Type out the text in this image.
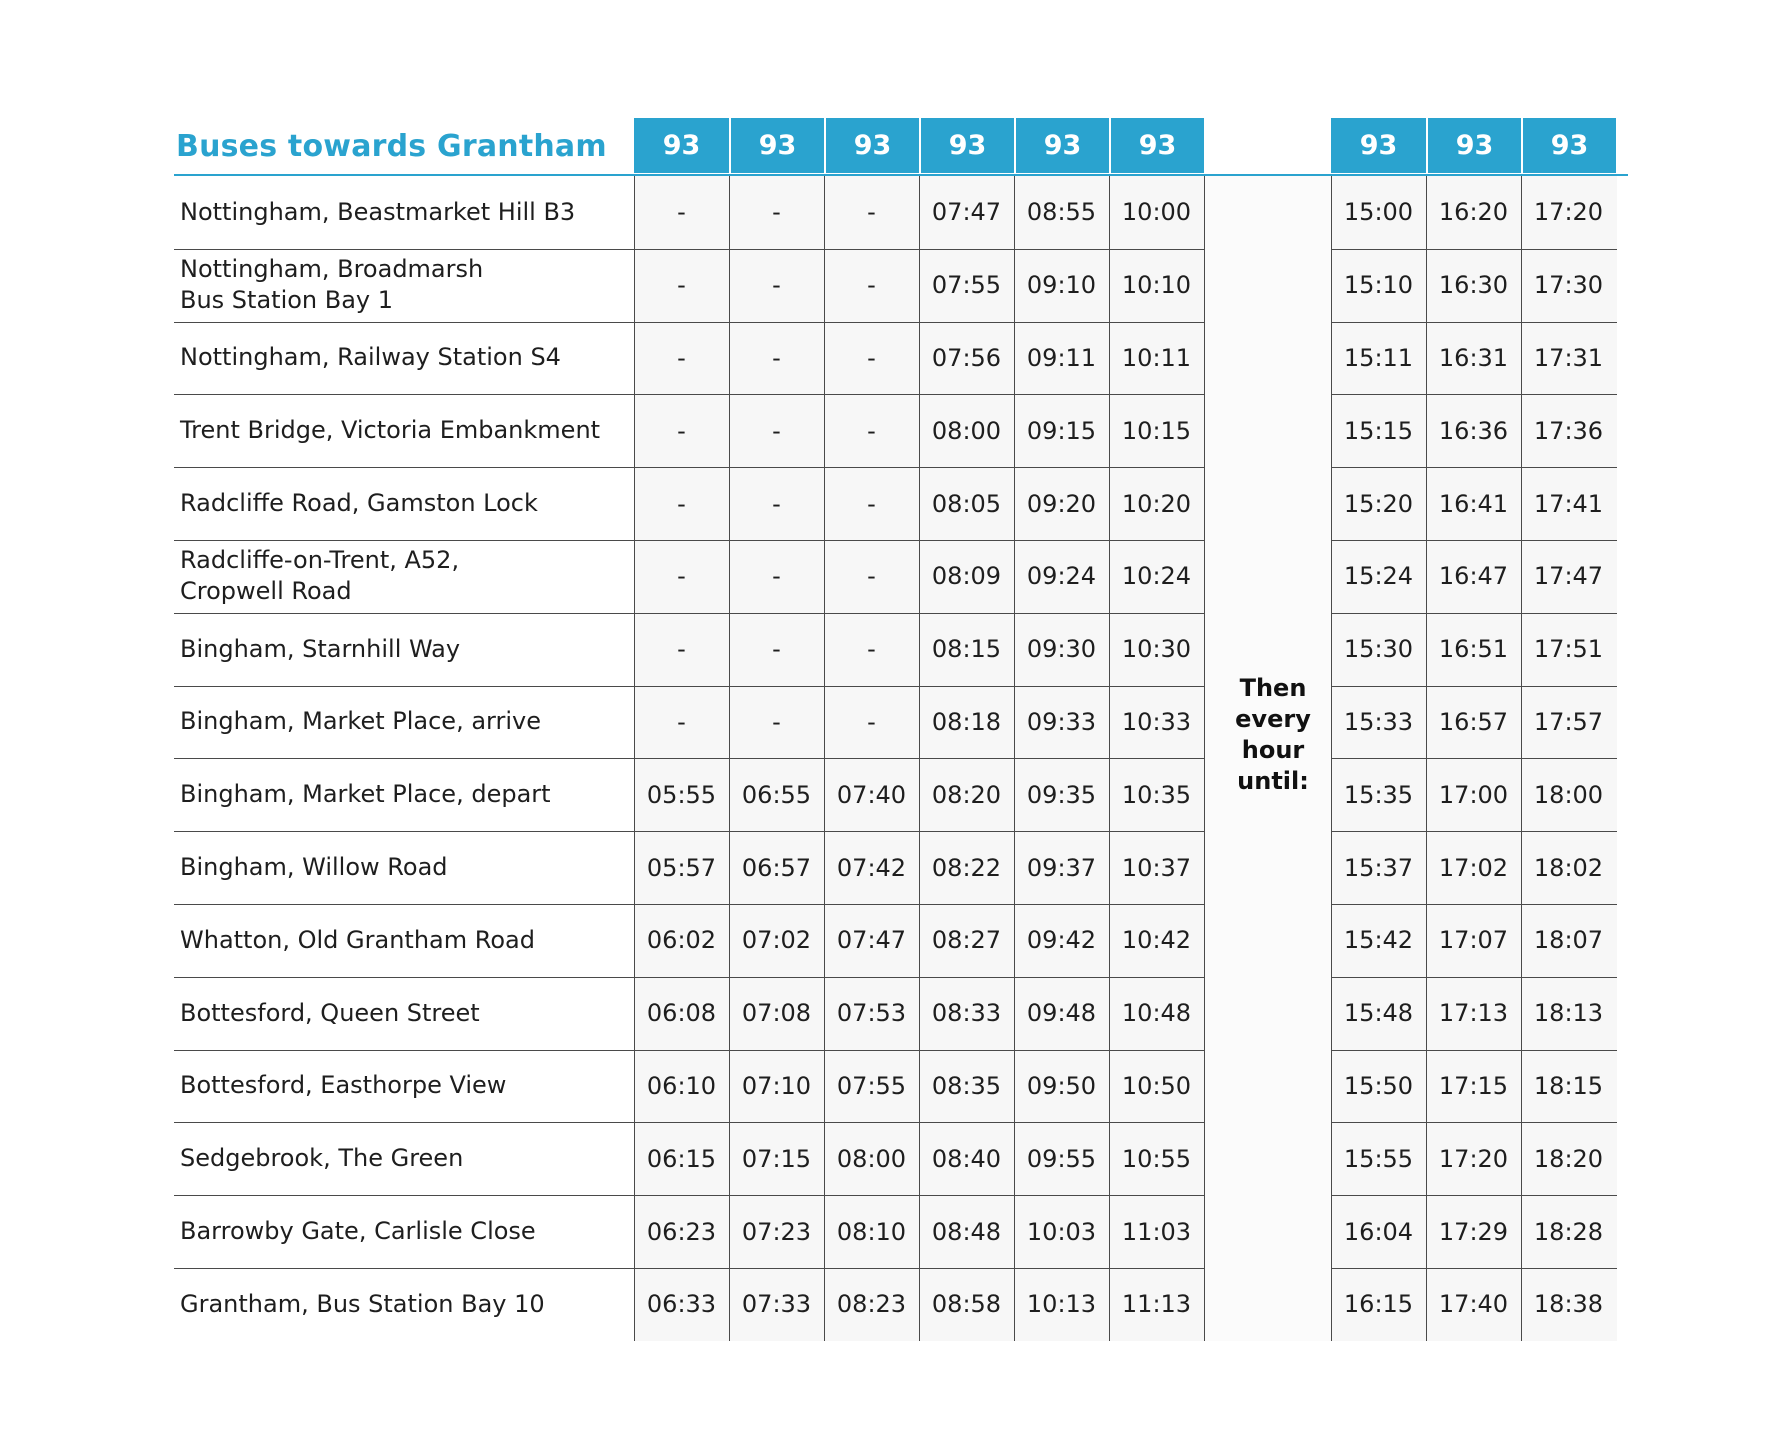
Buses towards Grantham	93	93	93	93	93	93	93	93	93
Nottingham, Beastmarket Hill B3	-	-	-	07:47	08:55	10:00	15:00	16:20	17:20
Nottingham, Broadmarsh
Bus Station Bay 1
-	-	-	07:55	09:10	10:10	15:10	16:30	17:30
Nottingham, Railway Station S4	-	-	-	07:56	09:11	10:11	15:11	16:31	17:31
Trent Bridge, Victoria Embankment	-	-	-	08:00	09:15	10:15	15:15	16:36	17:36
Radcliffe Road, Gamston Lock	-	-	-	08:05	09:20	10:20	15:20	16:41	17:41
Radcliffe-on-Trent, A52,
Cropwell Road
-	-	-	08:09	09:24	10:24	15:24	16:47	17:47
Bingham, Starnhill Way	-	-	-	08:15	09:30	10:30	15:30	16:51	17:51
Bingham, Market Place, arrive	-	-	-	08:18	09:33	10:33	15:33	16:57	17:57
Bingham, Market Place, depart	05:55	06:55	07:40	08:20	09:35	10:35	15:35	17:00	18:00
Bingham, Willow Road	05:57	06:57	07:42	08:22	09:37	10:37	15:37	17:02	18:02
Whatton, Old Grantham Road	06:02	07:02	07:47	08:27	09:42	10:42	15:42	17:07	18:07
Bottesford, Queen Street	06:08	07:08	07:53	08:33	09:48	10:48	15:48	17:13	18:13
Bottesford, Easthorpe View	06:10	07:10	07:55	08:35	09:50	10:50	15:50	17:15	18:15
Sedgebrook, The Green	06:15	07:15	08:00	08:40	09:55	10:55	15:55	17:20	18:20
Barrowby Gate, Carlisle Close	06:23	07:23	08:10	08:48	10:03	11:03	16:04	17:29	18:28
Grantham, Bus Station Bay 10	06:33	07:33	08:23	08:58	10:13	11:13	16:15	17:40	18:38
Then
every
hour
until:
